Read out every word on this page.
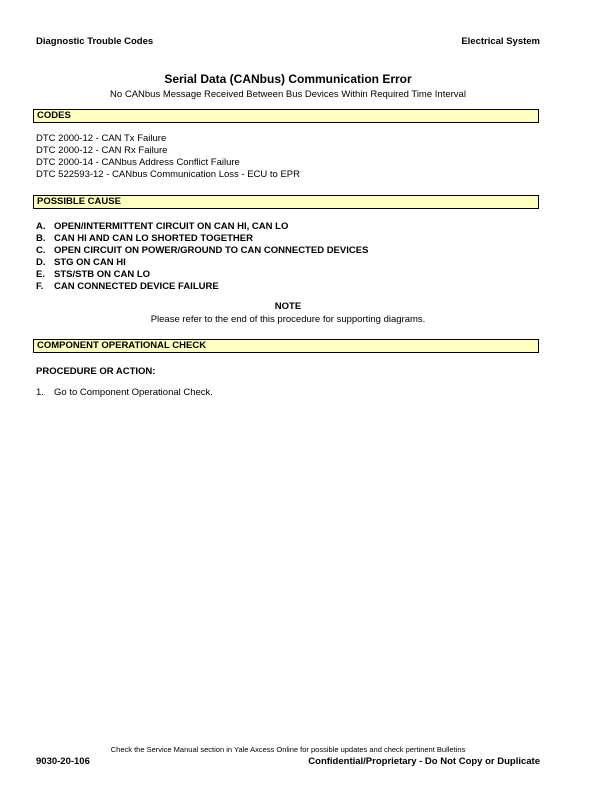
Diagnostic Trouble Codes	Electrical System
Serial Data (CANbus) Communication Error
No CANbus Message Received Between Bus Devices Within Required Time Interval
CODES
DTC 2000-12 - CAN Tx Failure
DTC 2000-12 - CAN Rx Failure
DTC 2000-14 - CANbus Address Conflict Failure
DTC 522593-12 - CANbus Communication Loss - ECU to EPR
POSSIBLE CAUSE
A. OPEN/INTERMITTENT CIRCUIT ON CAN HI, CAN LO
B. CAN HI AND CAN LO SHORTED TOGETHER
C. OPEN CIRCUIT ON POWER/GROUND TO CAN CONNECTED DEVICES
D. STG ON CAN HI
E. STS/STB ON CAN LO
F. CAN CONNECTED DEVICE FAILURE
NOTE
Please refer to the end of this procedure for supporting diagrams.
COMPONENT OPERATIONAL CHECK
PROCEDURE OR ACTION:
1. Go to Component Operational Check.
Check the Service Manual section in Yale Axcess Online for possible updates and check pertinent Bulletins
9030-20-106	Confidential/Proprietary - Do Not Copy or Duplicate
